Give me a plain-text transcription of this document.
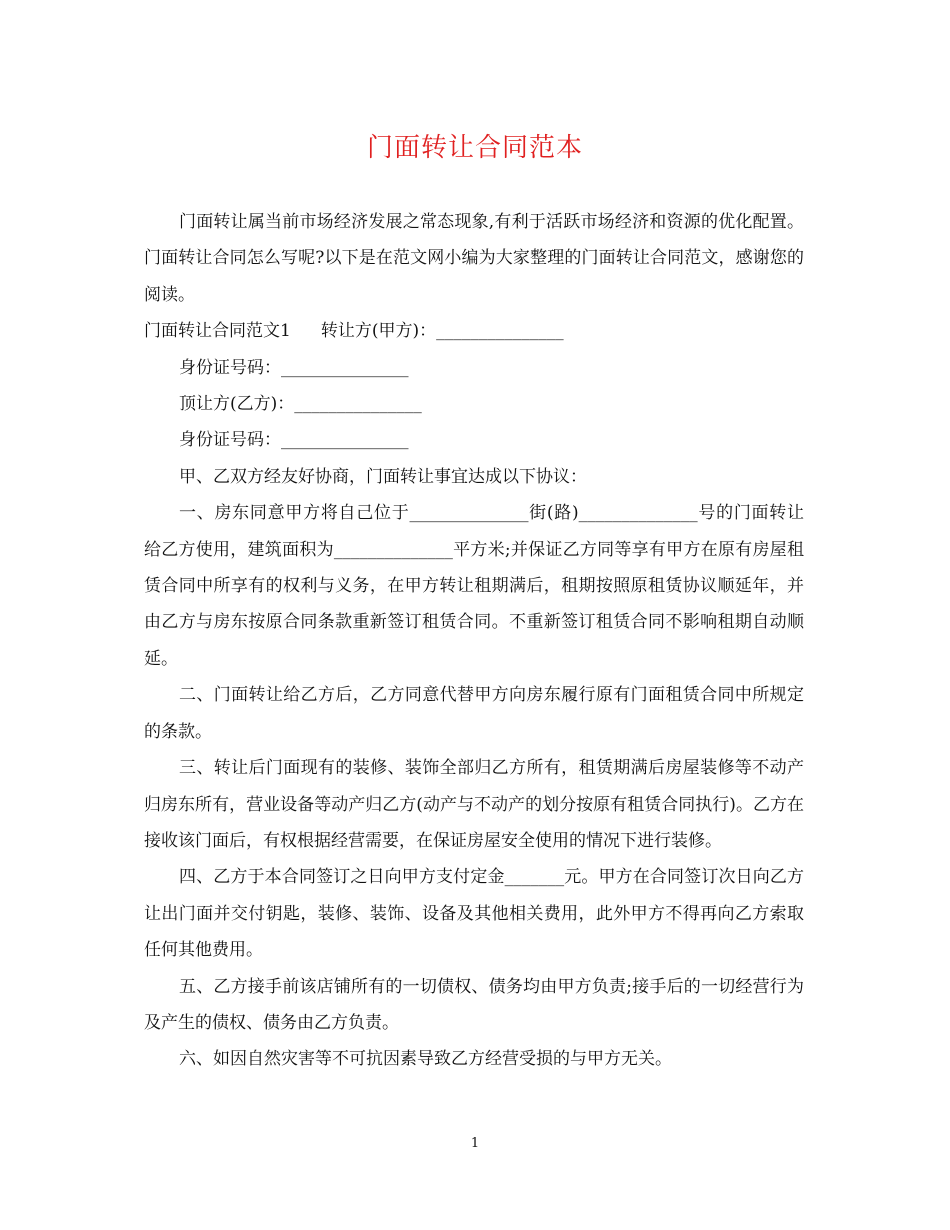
门面转让合同范本

门面转让属当前市场经济发展之常态现象,有利于活跃市场经济和资源的优化配置。门面转让合同怎么写呢?以下是在范文网小编为大家整理的门面转让合同范文，感谢您的阅读。

门面转让合同范文1 转让方(甲方)：_______________

身份证号码：_______________

顶让方(乙方)：_______________

身份证号码：_______________

甲、乙双方经友好协商，门面转让事宜达成以下协议：

一、房东同意甲方将自己位于______________街(路)______________号的门面转让给乙方使用，建筑面积为______________平方米;并保证乙方同等享有甲方在原有房屋租赁合同中所享有的权利与义务，在甲方转让租期满后，租期按照原租赁协议顺延年，并由乙方与房东按原合同条款重新签订租赁合同。不重新签订租赁合同不影响租期自动顺延。

二、门面转让给乙方后，乙方同意代替甲方向房东履行原有门面租赁合同中所规定的条款。

三、转让后门面现有的装修、装饰全部归乙方所有，租赁期满后房屋装修等不动产归房东所有，营业设备等动产归乙方(动产与不动产的划分按原有租赁合同执行)。乙方在接收该门面后，有权根据经营需要，在保证房屋安全使用的情况下进行装修。

四、乙方于本合同签订之日向甲方支付定金_______元。甲方在合同签订次日向乙方让出门面并交付钥匙，装修、装饰、设备及其他相关费用，此外甲方不得再向乙方索取任何其他费用。

五、乙方接手前该店铺所有的一切债权、债务均由甲方负责;接手后的一切经营行为及产生的债权、债务由乙方负责。

六、如因自然灾害等不可抗因素导致乙方经营受损的与甲方无关。

1
